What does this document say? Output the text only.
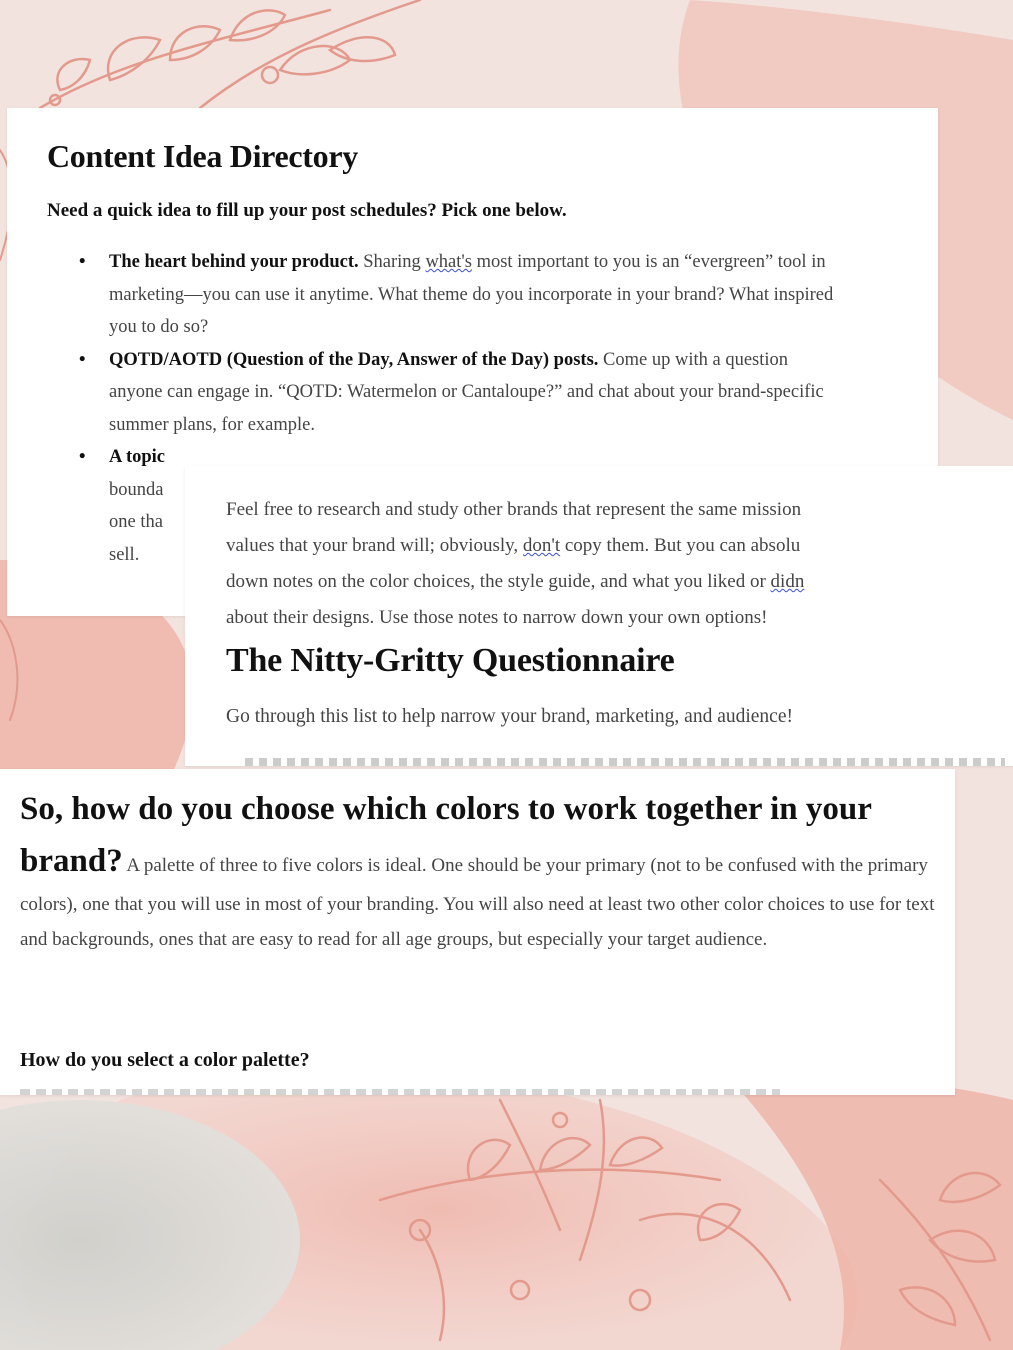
Content Idea Directory
Need a quick idea to fill up your post schedules? Pick one below.
• The heart behind your product. Sharing what's most important to you is an “evergreen” tool in marketing—you can use it anytime. What theme do you incorporate in your brand? What inspired you to do so?
• QOTD/AOTD (Question of the Day, Answer of the Day) posts. Come up with a question anyone can engage in. “QOTD: Watermelon or Cantaloupe?” and chat about your brand-specific summer plans, for example.
• A topic
bounda
one tha
sell.
Feel free to research and study other brands that represent the same mission
values that your brand will; obviously, don't copy them. But you can absolu
down notes on the color choices, the style guide, and what you liked or didn
about their designs. Use those notes to narrow down your own options!
The Nitty-Gritty Questionnaire
Go through this list to help narrow your brand, marketing, and audience!
So, how do you choose which colors to work together in your brand? A palette of three to five colors is ideal. One should be your primary (not to be confused with the primary colors), one that you will use in most of your branding. You will also need at least two other color choices to use for text and backgrounds, ones that are easy to read for all age groups, but especially your target audience.
How do you select a color palette?
